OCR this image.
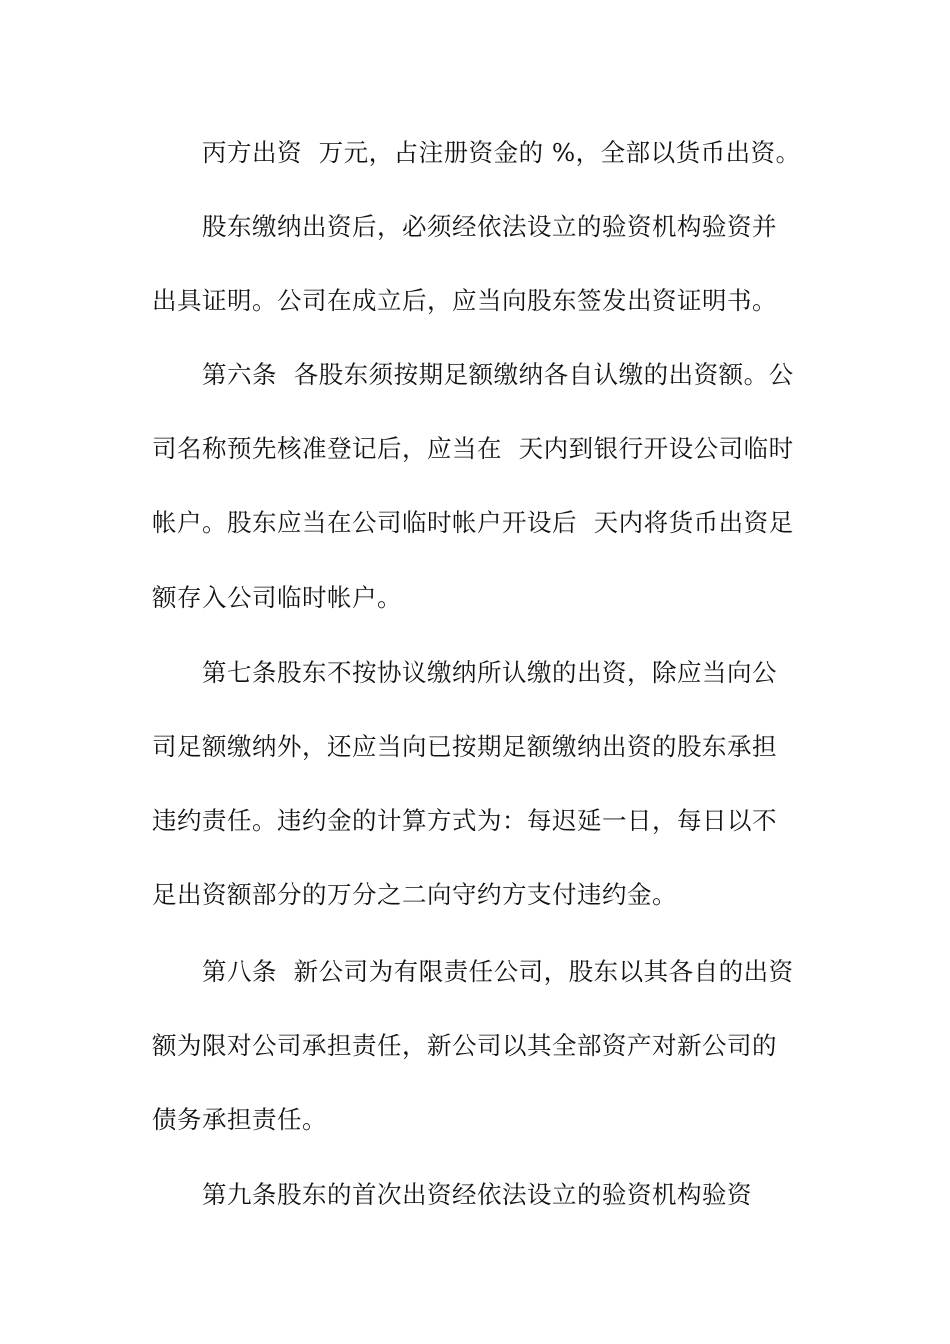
丙方出资  万元，占注册资金的 %，全部以货币出资。
股东缴纳出资后，必须经依法设立的验资机构验资并
出具证明。公司在成立后，应当向股东签发出资证明书。
第六条  各股东须按期足额缴纳各自认缴的出资额。公
司名称预先核准登记后，应当在  天内到银行开设公司临时
帐户。股东应当在公司临时帐户开设后  天内将货币出资足
额存入公司临时帐户。
第七条股东不按协议缴纳所认缴的出资，除应当向公
司足额缴纳外，还应当向已按期足额缴纳出资的股东承担
违约责任。违约金的计算方式为：每迟延一日，每日以不
足出资额部分的万分之二向守约方支付违约金。
第八条  新公司为有限责任公司，股东以其各自的出资
额为限对公司承担责任，新公司以其全部资产对新公司的
债务承担责任。
第九条股东的首次出资经依法设立的验资机构验资
